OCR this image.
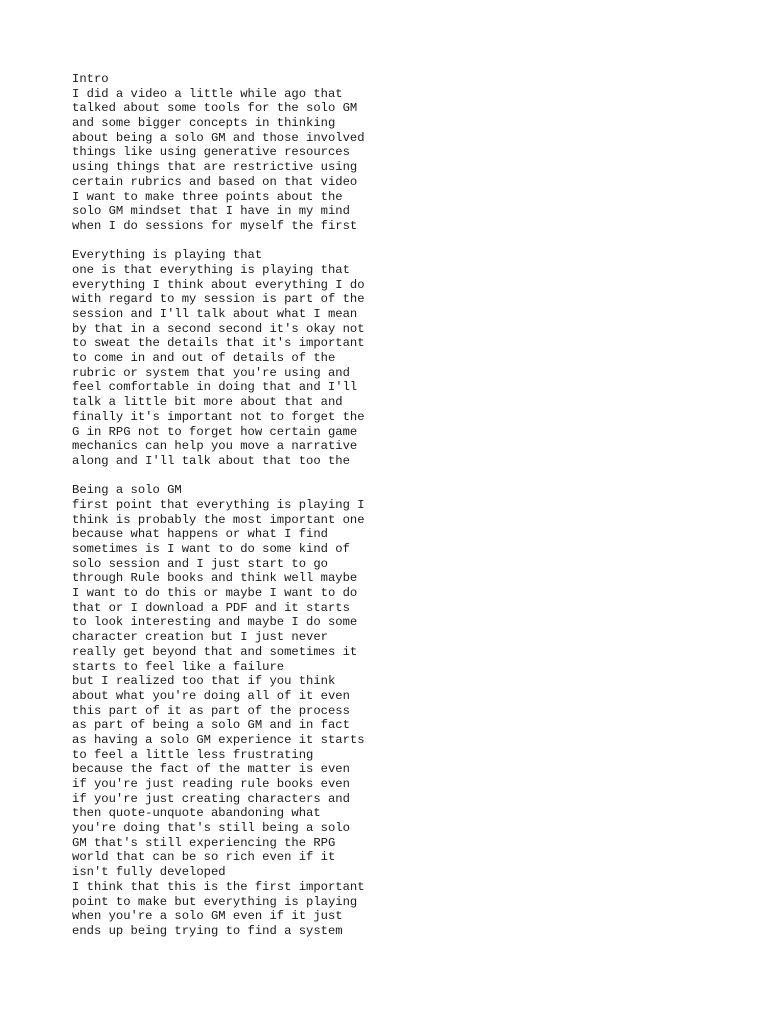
Intro
I did a video a little while ago that
talked about some tools for the solo GM
and some bigger concepts in thinking
about being a solo GM and those involved
things like using generative resources
using things that are restrictive using
certain rubrics and based on that video
I want to make three points about the
solo GM mindset that I have in my mind
when I do sessions for myself the first
Everything is playing that
one is that everything is playing that
everything I think about everything I do
with regard to my session is part of the
session and I'll talk about what I mean
by that in a second second it's okay not
to sweat the details that it's important
to come in and out of details of the
rubric or system that you're using and
feel comfortable in doing that and I'll
talk a little bit more about that and
finally it's important not to forget the
G in RPG not to forget how certain game
mechanics can help you move a narrative
along and I'll talk about that too the
Being a solo GM
first point that everything is playing I
think is probably the most important one
because what happens or what I find
sometimes is I want to do some kind of
solo session and I just start to go
through Rule books and think well maybe
I want to do this or maybe I want to do
that or I download a PDF and it starts
to look interesting and maybe I do some
character creation but I just never
really get beyond that and sometimes it
starts to feel like a failure
but I realized too that if you think
about what you're doing all of it even
this part of it as part of the process
as part of being a solo GM and in fact
as having a solo GM experience it starts
to feel a little less frustrating
because the fact of the matter is even
if you're just reading rule books even
if you're just creating characters and
then quote-unquote abandoning what
you're doing that's still being a solo
GM that's still experiencing the RPG
world that can be so rich even if it
isn't fully developed
I think that this is the first important
point to make but everything is playing
when you're a solo GM even if it just
ends up being trying to find a system
